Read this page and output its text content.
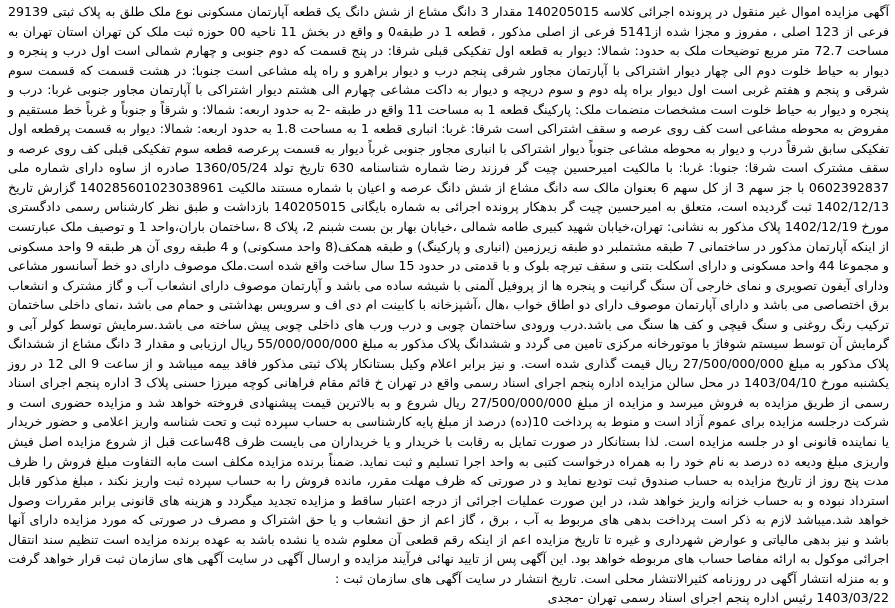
آگهی مزایده اموال غیر منقول در پرونده اجرائی کلاسه 140205015 مقدار 3 دانگ مشاع از شش دانگ یک قطعه آپارتمان مسکونی نوع ملک طلق به پلاک ثبتی 29139 فرعی از 123 اصلی ، مفروز و مجزا شده از5141 فرعی از اصلی مذکور ، قطعه 1 در طبقه0 و واقع در بخش 11 ناحیه 00 حوزه ثبت ملک کن تهران استان تهران به مساحت 72.7 متر مربع توضیحات ملک به حدود: شمالا: دیوار به قطعه اول تفکیکی قبلی شرقا: در پنج قسمت که دوم جنوبی و چهارم شمالی است اول درب و پنجره و دیوار به حیاط خلوت دوم الی چهار دیوار اشتراکی با آپارتمان مجاور شرقی پنجم درب و دیوار براهرو و راه پله مشاعی است جنوبا: در هشت قسمت که قسمت سوم شرقی و پنجم و هفتم غربی است اول دیوار براه پله دوم و سوم دریچه و دیوار به داکت مشاعی چهارم الی هشتم دیوار اشتراکی با آپارتمان مجاور جنوبی غربا: درب و پنجره و دیوار به حیاط خلوت است مشخصات منضمات ملک: پارکینگ قطعه 1 به مساحت 11 واقع در طبقه -2 به حدود اربعه: شمالا: و شرقاً و جنوباً و غرباً خط مستقیم و مفروض به محوطه مشاعی است کف روی عرصه و سقف اشتراکی است شرقا: غربا: انباری قطعه 1 به مساحت 1.8 به حدود اربعه: شمالا: دیوار به قسمت پرقطعه اول تفکیکی سابق شرقاً درب و دیوار به محوطه مشاعی جنوباً دیوار اشتراکی با انباری مجاور جنوبی غرباً دیوار به قسمت پرعرصه قطعه سوم تفکیکی قبلی کف روی عرصه و سقف مشترک است شرقا: جنوبا: غربا: با مالکیت امیرحسین چیت گر فرزند رضا شماره شناسنامه 630 تاریخ تولد 1360/05/24 صادره از ساوه دارای شماره ملی 0602392837 با جز سهم 3 از کل سهم 6 بعنوان مالک سه دانگ مشاع از شش دانگ عرصه و اعیان با شماره مستند مالکیت 140285601023038961 گزارش تاریخ 1402/12/13 ثبت گردیده است، متعلق به امیرحسین چیت گر بدهکار پرونده اجرائی به شماره بایگانی 140205015 بازداشت و طبق نظر کارشناس رسمی دادگستری مورخ 1402/12/19 پلاک مذکور به نشانی: تهران،خیابان شهید کبیری طامه شمالی ،خیابان بهار بن بست شبنم 2، پلاک 8 ،ساختمان باران،واحد 1 و توصیف ملک عبارتست از اینکه آپارتمان مذکور در ساختمانی 7 طبقه مشتملبر دو طبقه زیرزمین (انباری و پارکینگ) و طبقه همکف(8 واحد مسکونی) و 4 طبقه روی آن هر طبقه 9 واحد مسکونی و مجموعا 44 واحد مسکونی و دارای اسکلت بتنی و سقف تیرچه بلوک و با قدمتی در حدود 15 سال ساخت واقع شده است.ملک موصوف دارای دو خط آسانسور مشاعی ودارای آیفون تصویری و نمای خارجی آن سنگ گرانیت و پنجره ها از پروفیل آلمنی با شیشه ساده می باشد و آپارتمان موصوف دارای انشعاب آب و گاز مشترک و انشعاب برق اختصاصی می باشد و دارای آپارتمان موصوف دارای دو اطاق خواب ،هال ،آشپزخانه با کابینت ام دی اف و سرویس بهداشتی و حمام می باشد ،نمای داخلی ساختمان ترکیب رنگ روغنی و سنگ قیچی و کف ها سنگ می باشد.درب ورودی ساختمان چوبی و درب ورب های داخلی چوبی پیش ساخته می باشد.سرمایش توسط کولر آبی و گرمایش آن توسط سیستم شوفاژ با موتورخانه مرکزی تامین می گردد و ششدانگ پلاک مذکور به مبلغ 55/000/000/000 ریال ارزیابی و مقدار 3 دانگ مشاع از ششدانگ پلاک مذکور به مبلغ 27/500/000/000 ریال قیمت گذاری شده است. و نیز برابر اعلام وکیل بستانکار پلاک ثبتی مذکور فاقد بیمه میباشد و از ساعت 9 الی 12 در روز یکشنبه مورخ 1403/04/10 در محل سالن مزایده اداره پنجم اجرای اسناد رسمی واقع در تهران خ قائم مقام فراهانی کوچه میرزا حسنی پلاک 3 اداره پنجم اجرای اسناد رسمی از طریق مزایده به فروش میرسد و مزایده از مبلغ 27/500/000/000 ریال شروع و به بالاترین قیمت پیشنهادی فروخته خواهد شد و مزایده حضوری است و شرکت درجلسه مزایده برای عموم آزاد است و منوط به پرداخت 10(ده) درصد از مبلغ پایه کارشناسی به حساب سپرده ثبت و تحت شناسه واریز اعلامی و حضور خریدار یا نماینده قانونی او در جلسه مزایده است. لذا بستانکار در صورت تمایل به رقابت با خریدار و یا خریداران می بایست ظرف 48ساعت قبل از شروع مزایده اصل فیش واریزی مبلغ ودیعه ده درصد به نام خود را به همراه درخواست کتبی به واحد اجرا تسلیم و ثبت نماید. ضمناً برنده مزایده مکلف است مابه التفاوت مبلغ فروش را ظرف مدت پنج روز از تاریخ مزایده به حساب صندوق ثبت تودیع نماید و در صورتی که ظرف مهلت مقرر، مانده فروش را به حساب سپرده ثبت واریز نکند ، مبلغ مذکور قابل استرداد نبوده و به حساب خزانه واریز خواهد شد، در این صورت عملیات اجرائی از درجه اعتبار ساقط و مزایده تجدید میگردد و هزینه های قانونی برابر مقررات وصول خواهد شد.میباشد لازم به ذکر است پرداخت بدهی های مربوط به آب ، برق ، گاز اعم از حق انشعاب و یا حق اشتراک و مصرف در صورتی که مورد مزایده دارای آنها باشد و نیز بدهی مالیاتی و عوارض شهرداری و غیره تا تاریخ مزایده اعم از اینکه رقم قطعی آن معلوم شده یا نشده باشد به عهده برنده مزایده است تنظیم سند انتقال اجرائی موکول به ارائه مفاصا حساب های مربوطه خواهد بود. این آگهی پس از تایید نهائی فرآیند مزایده و ارسال آگهی در سایت آگهی های سازمان ثبت قرار خواهد گرفت و به منزله انتشار آگهی در روزنامه کثیرالانتشار محلی است. تاریخ انتشار در سایت آگهی های سازمان ثبت :

1403/03/22 رئیس اداره پنجم اجرای اسناد رسمی تهران -مجدی
